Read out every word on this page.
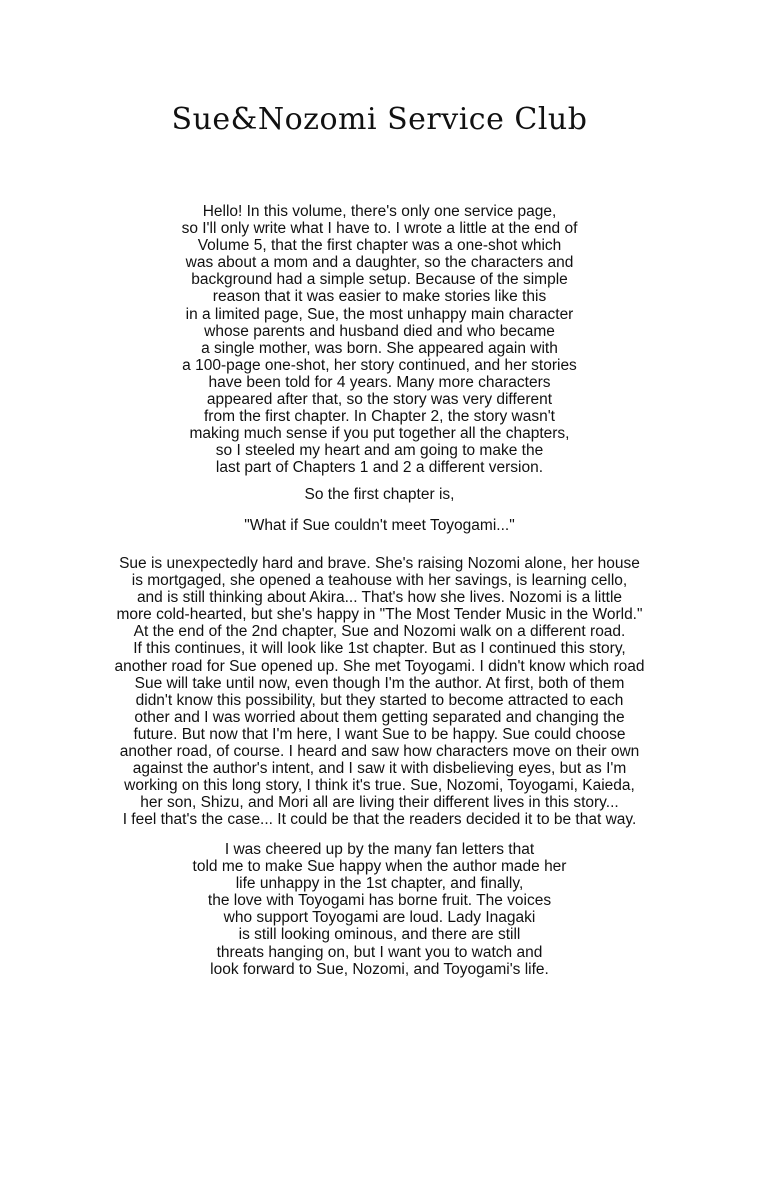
Sue&Nozomi Service Club
Hello! In this volume, there's only one service page,
so I'll only write what I have to. I wrote a little at the end of
Volume 5, that the first chapter was a one-shot which
was about a mom and a daughter, so the characters and
background had a simple setup. Because of the simple
reason that it was easier to make stories like this
in a limited page, Sue, the most unhappy main character
whose parents and husband died and who became
a single mother, was born. She appeared again with
a 100-page one-shot, her story continued, and her stories
have been told for 4 years. Many more characters
appeared after that, so the story was very different
from the first chapter. In Chapter 2, the story wasn't
making much sense if you put together all the chapters,
so I steeled my heart and am going to make the
last part of Chapters 1 and 2 a different version.
So the first chapter is,
"What if Sue couldn't meet Toyogami..."
Sue is unexpectedly hard and brave. She's raising Nozomi alone, her house
is mortgaged, she opened a teahouse with her savings, is learning cello,
and is still thinking about Akira... That's how she lives. Nozomi is a little
more cold-hearted, but she's happy in "The Most Tender Music in the World."
At the end of the 2nd chapter, Sue and Nozomi walk on a different road.
If this continues, it will look like 1st chapter. But as I continued this story,
another road for Sue opened up. She met Toyogami. I didn't know which road
Sue will take until now, even though I'm the author. At first, both of them
didn't know this possibility, but they started to become attracted to each
other and I was worried about them getting separated and changing the
future. But now that I'm here, I want Sue to be happy. Sue could choose
another road, of course. I heard and saw how characters move on their own
against the author's intent, and I saw it with disbelieving eyes, but as I'm
working on this long story, I think it's true. Sue, Nozomi, Toyogami, Kaieda,
her son, Shizu, and Mori all are living their different lives in this story...
I feel that's the case... It could be that the readers decided it to be that way.
I was cheered up by the many fan letters that
told me to make Sue happy when the author made her
life unhappy in the 1st chapter, and finally,
the love with Toyogami has borne fruit. The voices
who support Toyogami are loud. Lady Inagaki
is still looking ominous, and there are still
threats hanging on, but I want you to watch and
look forward to Sue, Nozomi, and Toyogami's life.
